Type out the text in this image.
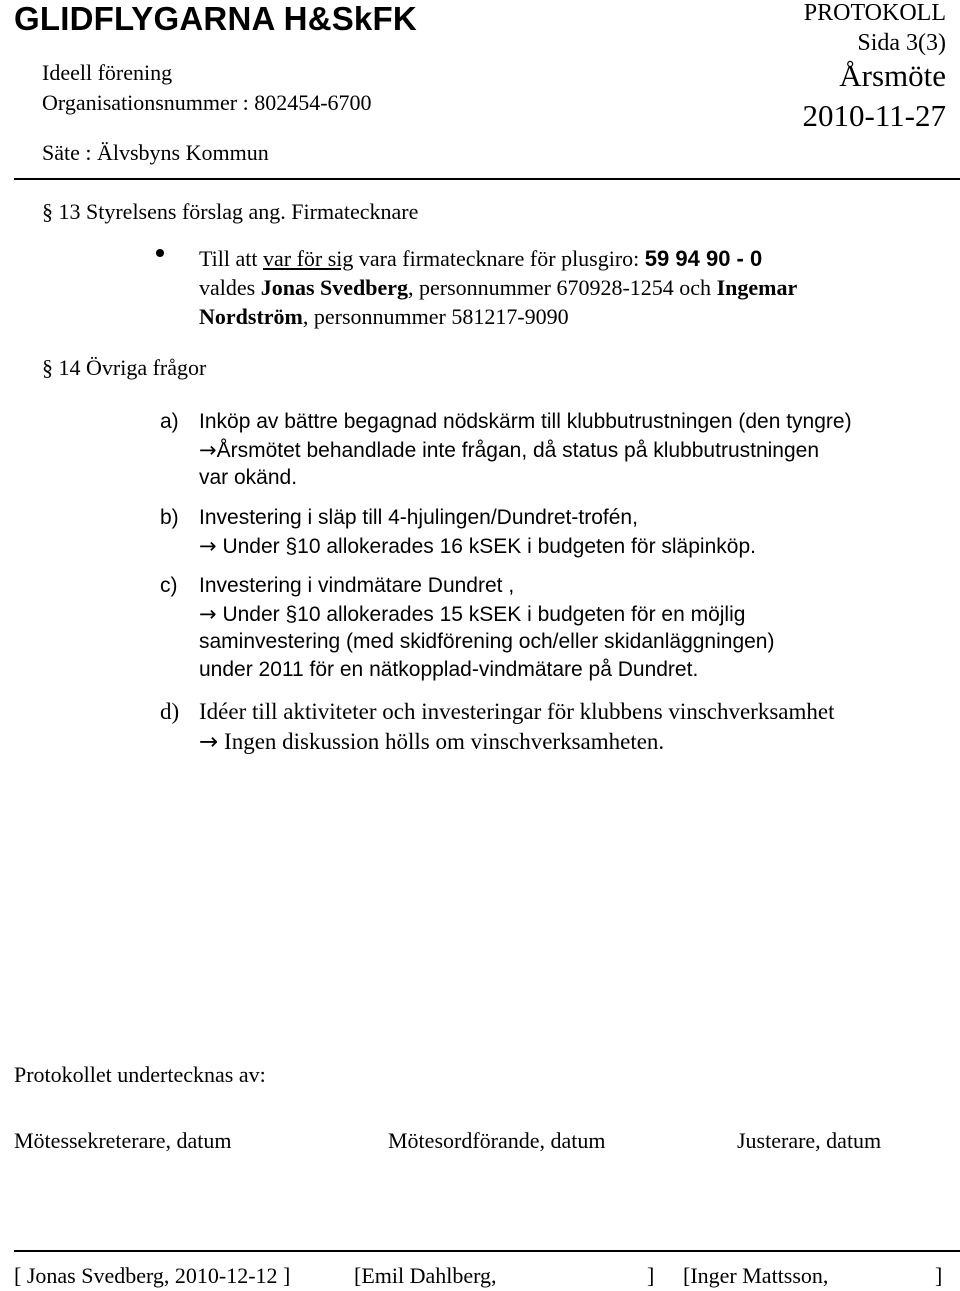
GLIDFLYGARNA H&SkFK
Ideell förening
Organisationsnummer : 802454-6700
Säte : Älvsbyns Kommun
PROTOKOLL
Sida 3(3)
Årsmöte
2010-11-27
§ 13 Styrelsens förslag ang. Firmatecknare
Till att var för sig vara firmatecknare för plusgiro: 59 94 90 - 0
valdes Jonas Svedberg, personnummer 670928-1254 och Ingemar
Nordström, personnummer 581217-9090
§ 14 Övriga frågor
a) Inköp av bättre begagnad nödskärm till klubbutrustningen (den tyngre)
→Årsmötet behandlade inte frågan, då status på klubbutrustningen
var okänd.
b) Investering i släp till 4-hjulingen/Dundret-trofén,
→ Under §10 allokerades 16 kSEK i budgeten för släpinköp.
c) Investering i vindmätare Dundret ,
→ Under §10 allokerades 15 kSEK i budgeten för en möjlig
saminvestering (med skidförening och/eller skidanläggningen)
under 2011 för en nätkopplad-vindmätare på Dundret.
d) Idéer till aktiviteter och investeringar för klubbens vinschverksamhet
→ Ingen diskussion hölls om vinschverksamheten.
Protokollet undertecknas av:
Mötessekreterare, datum	Mötesordförande, datum	Justerare, datum
[ Jonas Svedberg, 2010-12-12 ]	[Emil Dahlberg,	] [Inger Mattsson,	]
